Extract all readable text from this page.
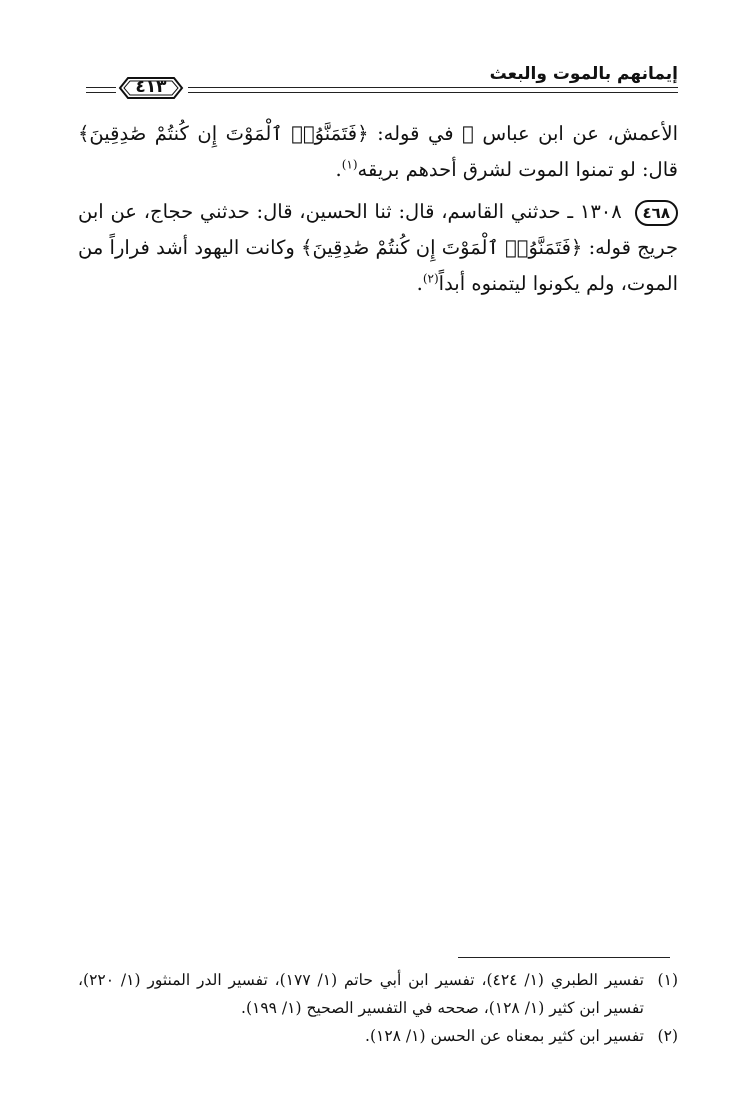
٤١٣
إيمانهم بالموت والبعث

الأعمش، عن ابن عباس ﷺ في قوله: ﴿فَتَمَنَّوُا۟ ٱلْمَوْتَ إِن كُنتُمْ صَٰدِقِينَ﴾ قال: لو تمنوا الموت لشرق أحدهم بريقه$^{(١)}$.

٤٦٨ ١٣٠٨ ـ حدثني القاسم، قال: ثنا الحسين، قال: حدثني حجاج، عن ابن جريج قوله: ﴿فَتَمَنَّوُا۟ ٱلْمَوْتَ إِن كُنتُمْ صَٰدِقِينَ﴾ وكانت اليهود أشد فراراً من الموت، ولم يكونوا ليتمنوه أبداً$^{(٢)}$.

(١)
تفسير الطبري (١/ ٤٢٤)، تفسير ابن أبي حاتم (١/ ١٧٧)، تفسير الدر المنثور (١/ ٢٢٠)، تفسير ابن كثير (١/ ١٢٨)، صححه في التفسير الصحيح (١/ ١٩٩).

(٢)
تفسير ابن كثير بمعناه عن الحسن (١/ ١٢٨).
